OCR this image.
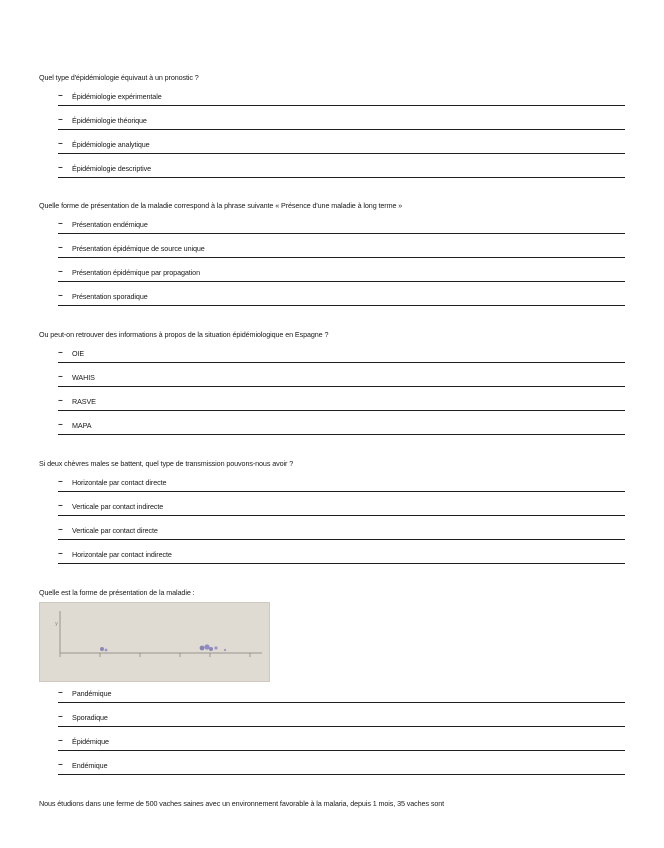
Quel type d'épidémiologie équivaut à un pronostic ?
− Épidémiologie expérimentale
− Épidémiologie théorique
− Épidémiologie analytique
− Épidémiologie descriptive
Quelle forme de présentation de la maladie correspond à la phrase suivante « Présence d'une maladie à long terme »
− Présentation endémique
− Présentation épidémique de source unique
− Présentation épidémique par propagation
− Présentation sporadique
Ou peut-on retrouver des informations à propos de la situation épidémiologique en Espagne ?
− OIE
− WAHIS
− RASVE
− MAPA
Si deux chèvres males se battent, quel type de transmission pouvons-nous avoir ?
− Horizontale par contact directe
− Verticale par contact indirecte
− Verticale par contact directe
− Horizontale par contact indirecte
Quelle est la forme de présentation de la maladie :
y
− Pandémique
− Sporadique
− Épidémique
− Endémique
Nous étudions dans une ferme de 500 vaches saines avec un environnement favorable à la malaria, depuis 1 mois, 35 vaches sont
